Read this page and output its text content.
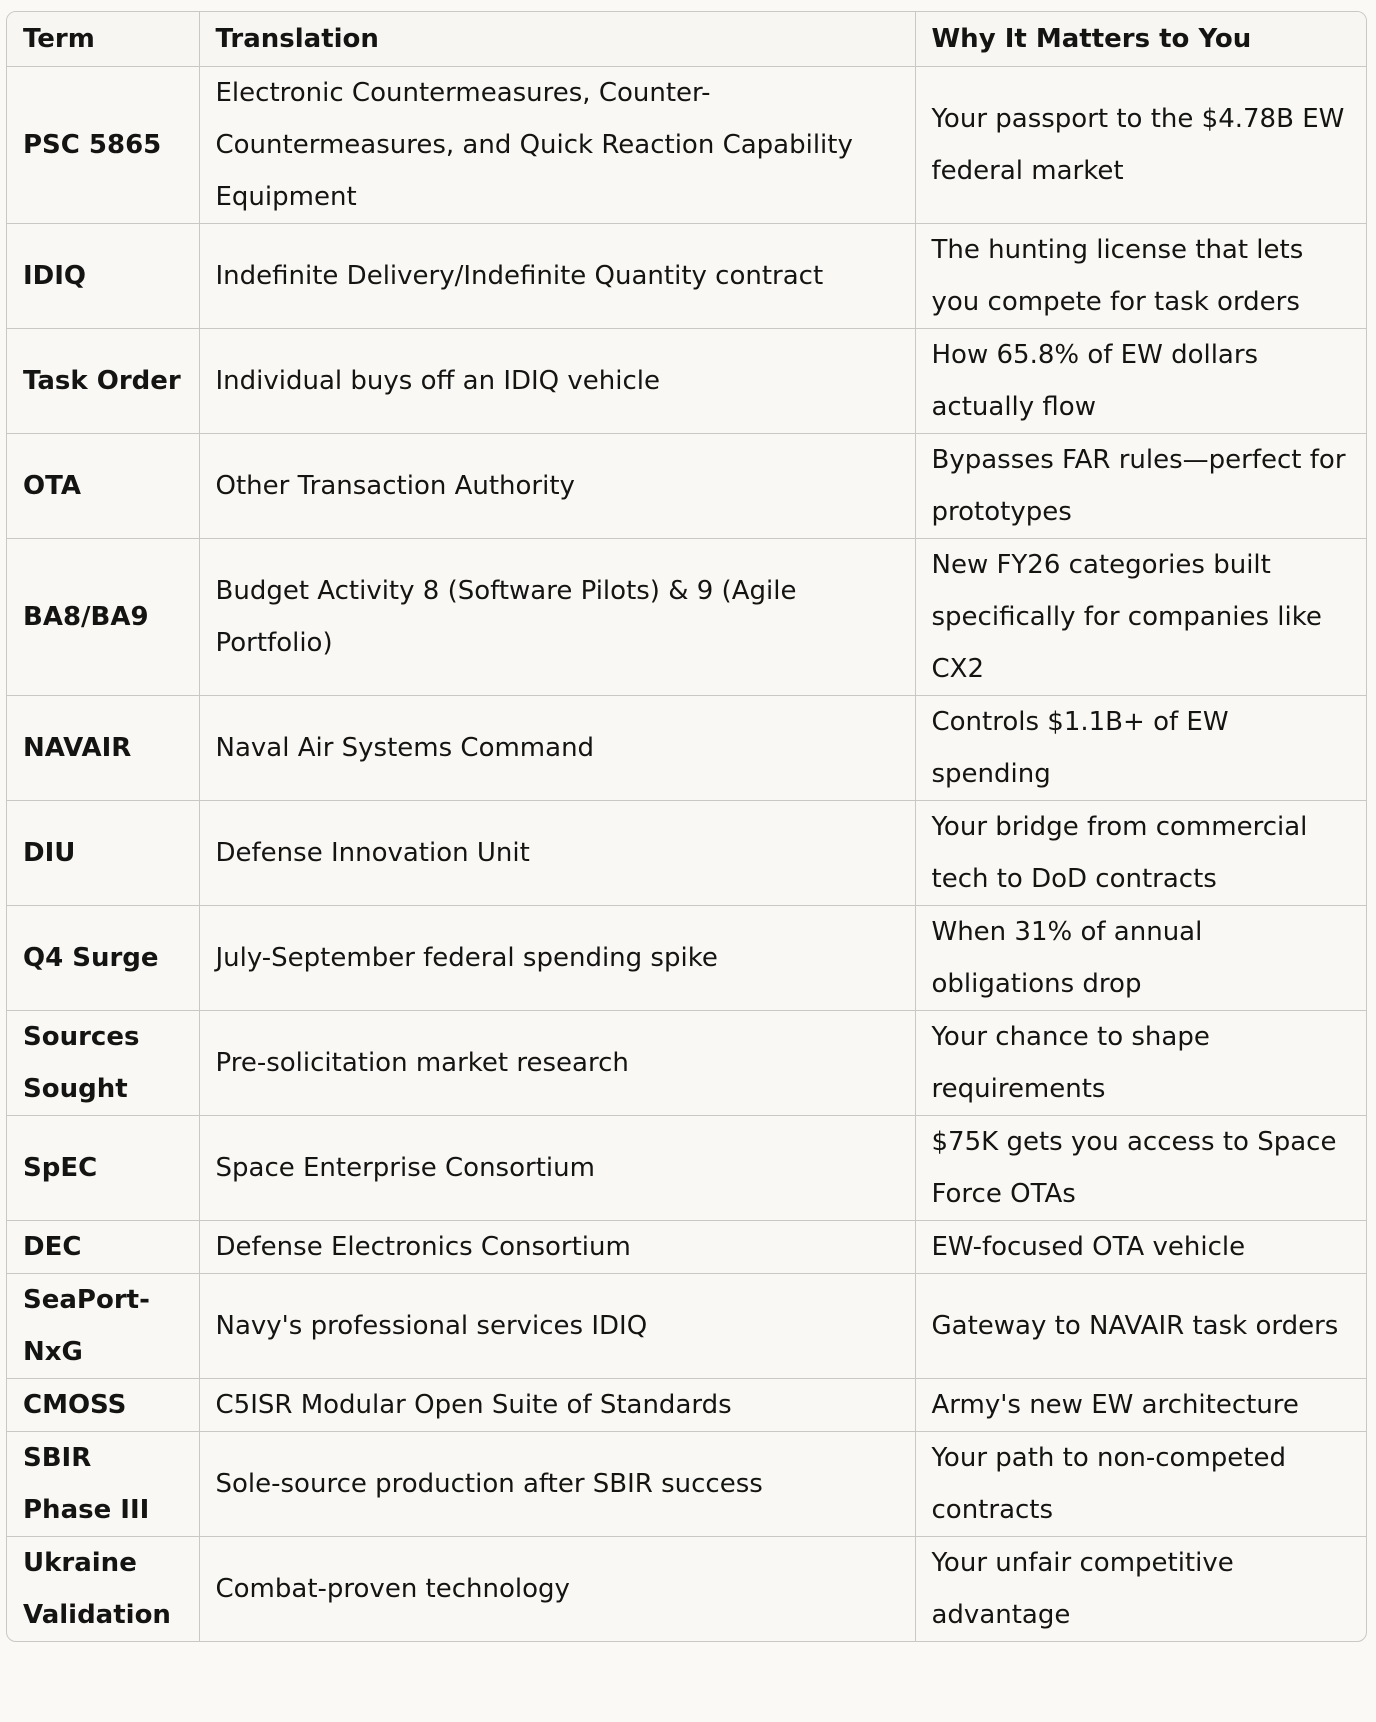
Term	Translation	Why It Matters to You
PSC 5865	Electronic Countermeasures, Counter-Countermeasures, and Quick Reaction Capability Equipment	Your passport to the $4.78B EW federal market
IDIQ	Indefinite Delivery/Indefinite Quantity contract	The hunting license that lets you compete for task orders
Task Order	Individual buys off an IDIQ vehicle	How 65.8% of EW dollars actually flow
OTA	Other Transaction Authority	Bypasses FAR rules—perfect for prototypes
BA8/BA9	Budget Activity 8 (Software Pilots) & 9 (Agile Portfolio)	New FY26 categories built specifically for companies like CX2
NAVAIR	Naval Air Systems Command	Controls $1.1B+ of EW spending
DIU	Defense Innovation Unit	Your bridge from commercial tech to DoD contracts
Q4 Surge	July-September federal spending spike	When 31% of annual obligations drop
Sources Sought	Pre-solicitation market research	Your chance to shape requirements
SpEC	Space Enterprise Consortium	$75K gets you access to Space Force OTAs
DEC	Defense Electronics Consortium	EW-focused OTA vehicle
SeaPort-NxG	Navy's professional services IDIQ	Gateway to NAVAIR task orders
CMOSS	C5ISR Modular Open Suite of Standards	Army's new EW architecture
SBIR Phase III	Sole-source production after SBIR success	Your path to non-competed contracts
Ukraine Validation	Combat-proven technology	Your unfair competitive advantage
